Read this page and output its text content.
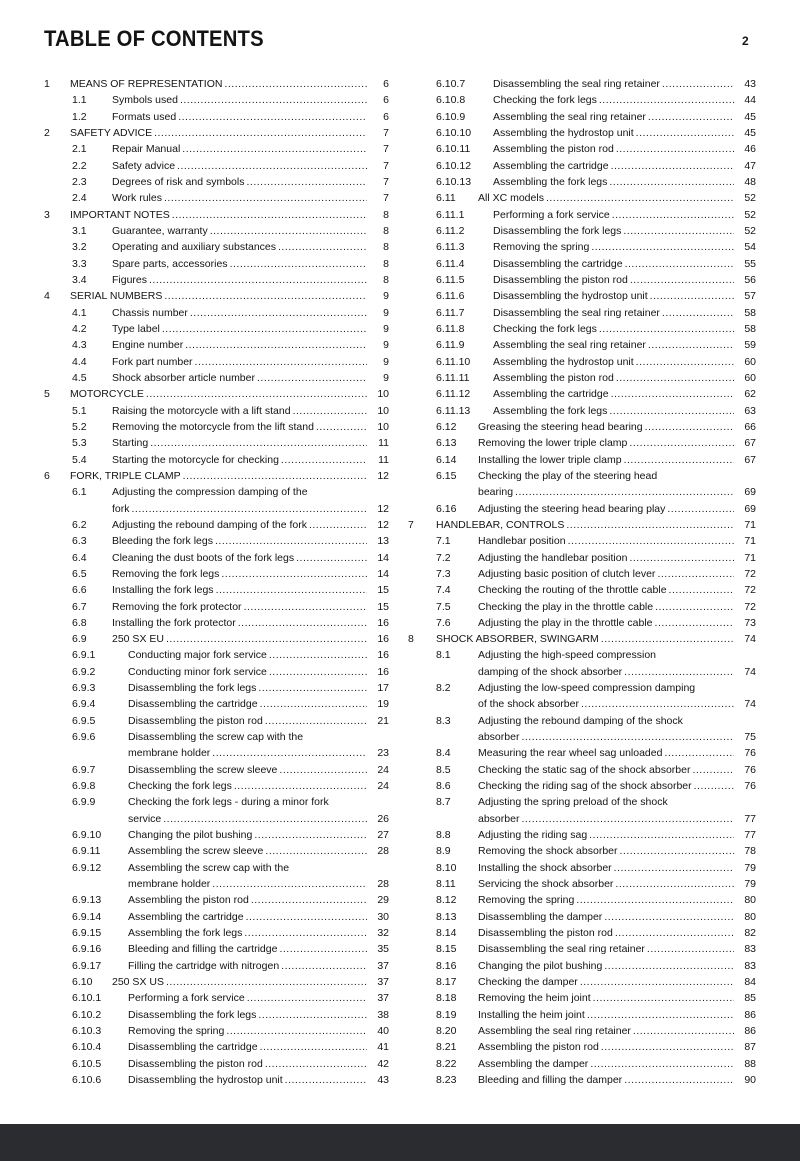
TABLE OF CONTENTS	2
1	MEANS OF REPRESENTATION .....	6
1.1	Symbols used .....	6
1.2	Formats used .....	6
2	SAFETY ADVICE .....	7
2.1	Repair Manual .....	7
2.2	Safety advice .....	7
2.3	Degrees of risk and symbols .....	7
2.4	Work rules .....	7
3	IMPORTANT NOTES .....	8
3.1	Guarantee, warranty .....	8
3.2	Operating and auxiliary substances .....	8
3.3	Spare parts, accessories .....	8
3.4	Figures .....	8
4	SERIAL NUMBERS .....	9
4.1	Chassis number .....	9
4.2	Type label .....	9
4.3	Engine number .....	9
4.4	Fork part number .....	9
4.5	Shock absorber article number .....	9
5	MOTORCYCLE .....	10
5.1	Raising the motorcycle with a lift stand .....	10
5.2	Removing the motorcycle from the lift stand .....	10
5.3	Starting .....	11
5.4	Starting the motorcycle for checking .....	11
6	FORK, TRIPLE CLAMP .....	12
6.1	Adjusting the compression damping of the
fork .....	12
6.2	Adjusting the rebound damping of the fork .....	12
6.3	Bleeding the fork legs .....	13
6.4	Cleaning the dust boots of the fork legs .....	14
6.5	Removing the fork legs .....	14
6.6	Installing the fork legs .....	15
6.7	Removing the fork protector .....	15
6.8	Installing the fork protector .....	16
6.9	250 SX EU .....	16
6.9.1	Conducting major fork service .....	16
6.9.2	Conducting minor fork service .....	16
6.9.3	Disassembling the fork legs .....	17
6.9.4	Disassembling the cartridge .....	19
6.9.5	Disassembling the piston rod .....	21
6.9.6	Disassembling the screw cap with the
membrane holder .....	23
6.9.7	Disassembling the screw sleeve .....	24
6.9.8	Checking the fork legs .....	24
6.9.9	Checking the fork legs - during a minor fork
service .....	26
6.9.10	Changing the pilot bushing .....	27
6.9.11	Assembling the screw sleeve .....	28
6.9.12	Assembling the screw cap with the
membrane holder .....	28
6.9.13	Assembling the piston rod .....	29
6.9.14	Assembling the cartridge .....	30
6.9.15	Assembling the fork legs .....	32
6.9.16	Bleeding and filling the cartridge .....	35
6.9.17	Filling the cartridge with nitrogen .....	37
6.10	250 SX US .....	37
6.10.1	Performing a fork service .....	37
6.10.2	Disassembling the fork legs .....	38
6.10.3	Removing the spring .....	40
6.10.4	Disassembling the cartridge .....	41
6.10.5	Disassembling the piston rod .....	42
6.10.6	Disassembling the hydrostop unit .....	43
6.10.7	Disassembling the seal ring retainer .....	43
6.10.8	Checking the fork legs .....	44
6.10.9	Assembling the seal ring retainer .....	45
6.10.10	Assembling the hydrostop unit .....	45
6.10.11	Assembling the piston rod .....	46
6.10.12	Assembling the cartridge .....	47
6.10.13	Assembling the fork legs .....	48
6.11	All XC models .....	52
6.11.1	Performing a fork service .....	52
6.11.2	Disassembling the fork legs .....	52
6.11.3	Removing the spring .....	54
6.11.4	Disassembling the cartridge .....	55
6.11.5	Disassembling the piston rod .....	56
6.11.6	Disassembling the hydrostop unit .....	57
6.11.7	Disassembling the seal ring retainer .....	58
6.11.8	Checking the fork legs .....	58
6.11.9	Assembling the seal ring retainer .....	59
6.11.10	Assembling the hydrostop unit .....	60
6.11.11	Assembling the piston rod .....	60
6.11.12	Assembling the cartridge .....	62
6.11.13	Assembling the fork legs .....	63
6.12	Greasing the steering head bearing .....	66
6.13	Removing the lower triple clamp .....	67
6.14	Installing the lower triple clamp .....	67
6.15	Checking the play of the steering head
bearing .....	69
6.16	Adjusting the steering head bearing play .....	69
7	HANDLEBAR, CONTROLS .....	71
7.1	Handlebar position .....	71
7.2	Adjusting the handlebar position .....	71
7.3	Adjusting basic position of clutch lever .....	72
7.4	Checking the routing of the throttle cable .....	72
7.5	Checking the play in the throttle cable .....	72
7.6	Adjusting the play in the throttle cable .....	73
8	SHOCK ABSORBER, SWINGARM .....	74
8.1	Adjusting the high-speed compression
damping of the shock absorber .....	74
8.2	Adjusting the low-speed compression damping
of the shock absorber .....	74
8.3	Adjusting the rebound damping of the shock
absorber .....	75
8.4	Measuring the rear wheel sag unloaded .....	76
8.5	Checking the static sag of the shock absorber .....	76
8.6	Checking the riding sag of the shock absorber .....	76
8.7	Adjusting the spring preload of the shock
absorber .....	77
8.8	Adjusting the riding sag .....	77
8.9	Removing the shock absorber .....	78
8.10	Installing the shock absorber .....	79
8.11	Servicing the shock absorber .....	79
8.12	Removing the spring .....	80
8.13	Disassembling the damper .....	80
8.14	Disassembling the piston rod .....	82
8.15	Disassembling the seal ring retainer .....	83
8.16	Changing the pilot bushing .....	83
8.17	Checking the damper .....	84
8.18	Removing the heim joint .....	85
8.19	Installing the heim joint .....	86
8.20	Assembling the seal ring retainer .....	86
8.21	Assembling the piston rod .....	87
8.22	Assembling the damper .....	88
8.23	Bleeding and filling the damper .....	90
